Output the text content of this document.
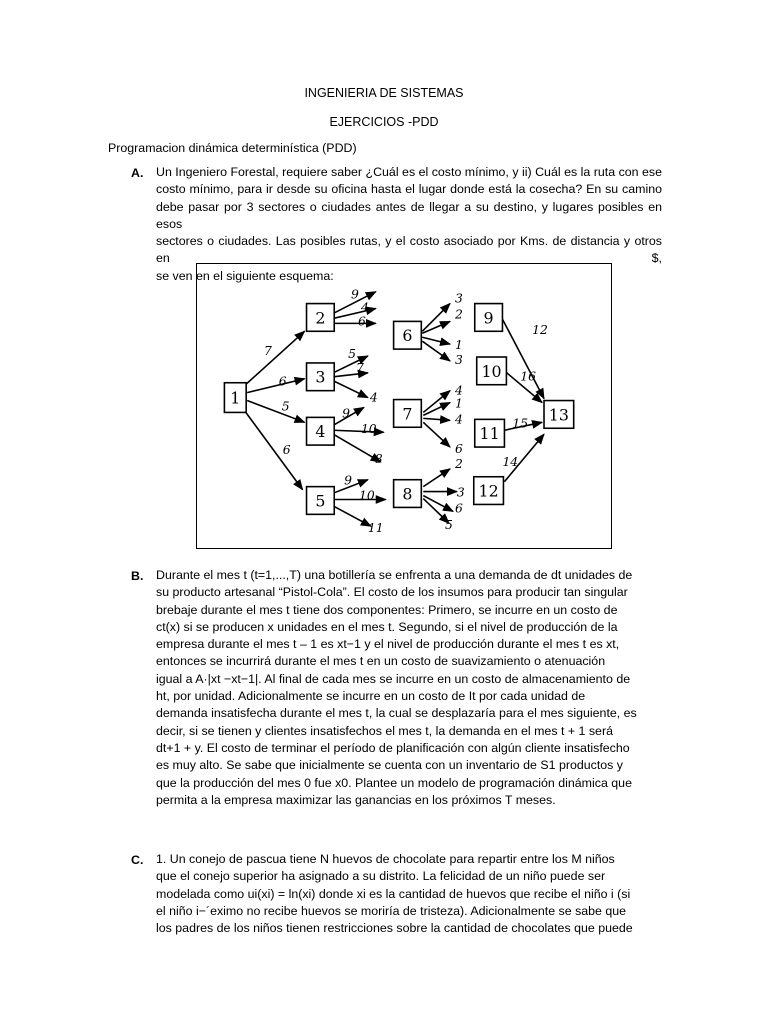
INGENIERIA DE SISTEMAS
EJERCICIOS -PDD
Programacion dinámica determinística (PDD)
A. Un Ingeniero Forestal, requiere saber ¿Cuál es el costo mínimo, y ii) Cuál es la ruta con ese

costo mínimo, para ir desde su oficina hasta el lugar donde está la cosecha? En su camino

debe pasar por 3 sectores o ciudades antes de llegar a su destino, y lugares posibles en esos

sectores o ciudades. Las posibles rutas, y el costo asociado por Kms. de distancia y otros en $,

se ven en el siguiente esquema:

1
2
3
4
5
6
7
8
9
10
11
12
13
7
6
5
6
9
4
6
5
7
4
9
10
8
9
10
11
3
2
1
3
4
1
4
6
2
3
6
5
12
16
15
14
B. Durante el mes t (t=1,...,T) una botillería se enfrenta a una demanda de dt unidades de

su producto artesanal “Pistol-Cola”. El costo de los insumos para producir tan singular

brebaje durante el mes t tiene dos componentes: Primero, se incurre en un costo de

ct(x) si se producen x unidades en el mes t. Segundo, si el nivel de producción de la

empresa durante el mes t – 1 es xt−1 y el nivel de producción durante el mes t es xt,

entonces se incurrirá durante el mes t en un costo de suavizamiento o atenuación

igual a A·|xt −xt−1|. Al final de cada mes se incurre en un costo de almacenamiento de

ht, por unidad. Adicionalmente se incurre en un costo de It por cada unidad de

demanda insatisfecha durante el mes t, la cual se desplazaría para el mes siguiente, es

decir, si se tienen y clientes insatisfechos el mes t, la demanda en el mes t + 1 será

dt+1 + y. El costo de terminar el período de planificación con algún cliente insatisfecho

es muy alto. Se sabe que inicialmente se cuenta con un inventario de S1 productos y

que la producción del mes 0 fue x0. Plantee un modelo de programación dinámica que

permita a la empresa maximizar las ganancias en los próximos T meses.

C. 1. Un conejo de pascua tiene N huevos de chocolate para repartir entre los M niños

que el conejo superior ha asignado a su distrito. La felicidad de un niño puede ser

modelada como ui(xi) = ln(xi) donde xi es la cantidad de huevos que recibe el niño i (si

el niño i−´eximo no recibe huevos se moriría de tristeza). Adicionalmente se sabe que

los padres de los niños tienen restricciones sobre la cantidad de chocolates que puede
